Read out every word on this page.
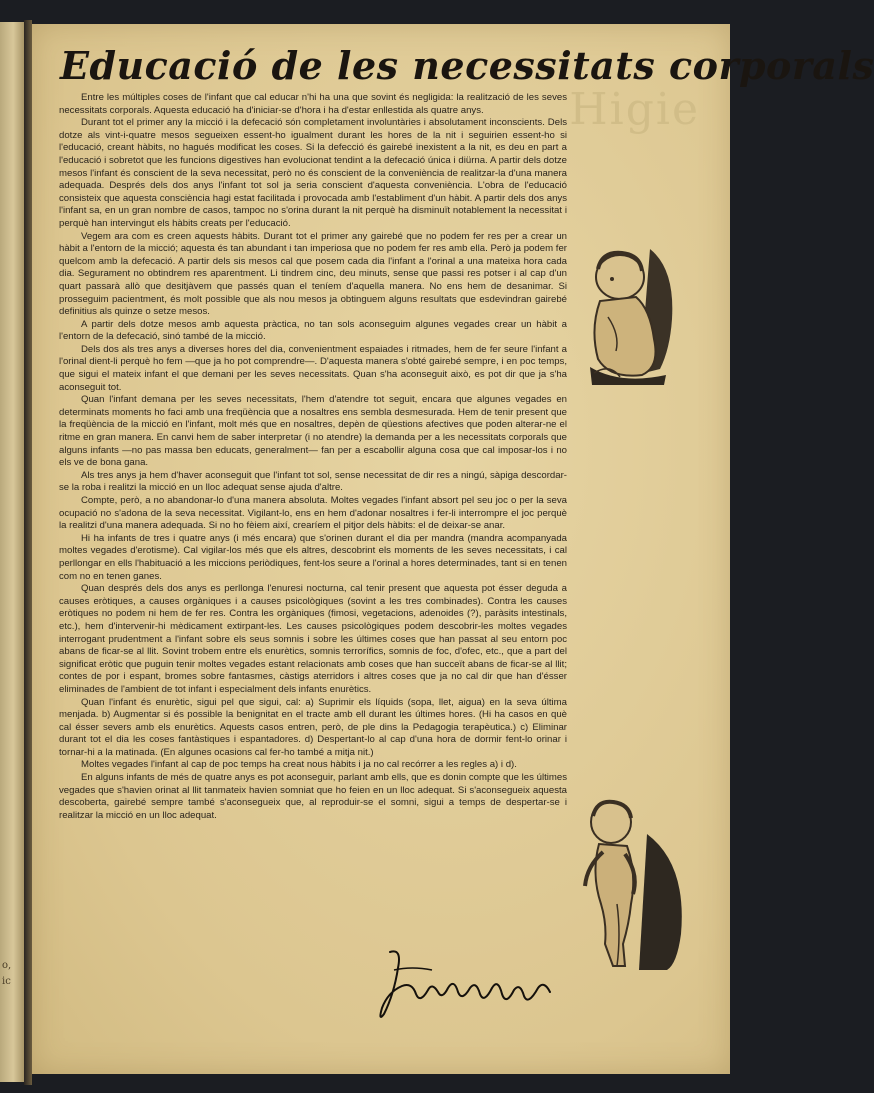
o,
ic
Higie
Educació de les necessitats corporals

Entre les múltiples coses de l'infant que cal educar n'hi ha una que sovint és negligida: la realització de les seves necessitats corporals. Aquesta educació ha d'iniciar-se d'hora i ha d'estar enllestida als quatre anys.

Durant tot el primer any la micció i la defecació són completament involuntàries i absolutament inconscients. Dels dotze als vint-i-quatre mesos segueixen essent-ho igualment durant les hores de la nit i seguirien essent-ho si l'educació, creant hàbits, no hagués modificat les coses. Si la defecció és gairebé inexistent a la nit, es deu en part a l'educació i sobretot que les funcions digestives han evolucionat tendint a la defecació única i diürna. A partir dels dotze mesos l'infant és conscient de la seva necessitat, però no és conscient de la conveniència de realitzar-la d'una manera adequada. Després dels dos anys l'infant tot sol ja seria conscient d'aquesta conveniència. L'obra de l'educació consisteix que aquesta consciència hagi estat facilitada i provocada amb l'establiment d'un hàbit. A partir dels dos anys l'infant sa, en un gran nombre de casos, tampoc no s'orina durant la nit perquè ha disminuït notablement la necessitat i perquè han intervingut els hàbits creats per l'educació.

Vegem ara com es creen aquests hàbits. Durant tot el primer any gairebé que no podem fer res per a crear un hàbit a l'entorn de la micció; aquesta és tan abundant i tan imperiosa que no podem fer res amb ella. Però ja podem fer quelcom amb la defecació. A partir dels sis mesos cal que posem cada dia l'infant a l'orinal a una mateixa hora cada dia. Segurament no obtindrem res aparentment. Li tindrem cinc, deu minuts, sense que passi res potser i al cap d'un quart passarà allò que desitjàvem que passés quan el teníem d'aquella manera. No ens hem de desanimar. Si prosseguim pacientment, és molt possible que als nou mesos ja obtinguem alguns resultats que esdevindran gairebé definitius als quinze o setze mesos.

A partir dels dotze mesos amb aquesta pràctica, no tan sols aconseguim algunes vegades crear un hàbit a l'entorn de la defecació, sinó també de la micció.

Dels dos als tres anys a diverses hores del dia, convenientment espaiades i ritmades, hem de fer seure l'infant a l'orinal dient-li perquè ho fem —que ja ho pot comprendre—. D'aquesta manera s'obté gairebé sempre, i en poc temps, que sigui el mateix infant el que demani per les seves necessitats. Quan s'ha aconseguit això, es pot dir que ja s'ha aconseguit tot.

Quan l'infant demana per les seves necessitats, l'hem d'atendre tot seguit, encara que algunes vegades en determinats moments ho faci amb una freqüència que a nosaltres ens sembla desmesurada. Hem de tenir present que la freqüència de la micció en l'infant, molt més que en nosaltres, depèn de qüestions afectives que poden alterar-ne el ritme en gran manera. En canvi hem de saber interpretar (i no atendre) la demanda per a les necessitats corporals que alguns infants —no pas massa ben educats, generalment— fan per a escabollir alguna cosa que cal imposar-los i no els ve de bona gana.

Als tres anys ja hem d'haver aconseguit que l'infant tot sol, sense necessitat de dir res a ningú, sàpiga descordar-se la roba i realitzi la micció en un lloc adequat sense ajuda d'altre.

Compte, però, a no abandonar-lo d'una manera absoluta. Moltes vegades l'infant absort pel seu joc o per la seva ocupació no s'adona de la seva necessitat. Vigilant-lo, ens en hem d'adonar nosaltres i fer-li interrompre el joc perquè la realitzi d'una manera adequada. Si no ho fèiem així, crearíem el pitjor dels hàbits: el de deixar-se anar.

Hi ha infants de tres i quatre anys (i més encara) que s'orinen durant el dia per mandra (mandra acompanyada moltes vegades d'erotisme). Cal vigilar-los més que els altres, descobrint els moments de les seves necessitats, i cal perllongar en ells l'habituació a les miccions periòdiques, fent-los seure a l'orinal a hores determinades, tant si en tenen com no en tenen ganes.

Quan després dels dos anys es perllonga l'enuresi nocturna, cal tenir present que aquesta pot ésser deguda a causes eròtiques, a causes orgàniques i a causes psicològiques (sovint a les tres combinades). Contra les causes eròtiques no podem ni hem de fer res. Contra les orgàniques (fimosi, vegetacions, adenoides (?), paràsits intestinals, etc.), hem d'intervenir-hi mèdicament extirpant-les. Les causes psicològiques podem descobrir-les moltes vegades interrogant prudentment a l'infant sobre els seus somnis i sobre les últimes coses que han passat al seu entorn poc abans de ficar-se al llit. Sovint trobem entre els enurètics, somnis terrorífics, somnis de foc, d'ofec, etc., que a part del significat eròtic que puguin tenir moltes vegades estant relacionats amb coses que han succeït abans de ficar-se al llit; contes de por i espant, bromes sobre fantasmes, càstigs aterridors i altres coses que ja no cal dir que han d'ésser eliminades de l'ambient de tot infant i especialment dels infants enurètics.

Quan l'infant és enurètic, sigui pel que sigui, cal: a) Suprimir els líquids (sopa, llet, aigua) en la seva última menjada. b) Augmentar si és possible la benignitat en el tracte amb ell durant les últimes hores. (Hi ha casos en què cal ésser severs amb els enurètics. Aquests casos entren, però, de ple dins la Pedagogia terapèutica.) c) Eliminar durant tot el dia les coses fantàstiques i espantadores. d) Despertant-lo al cap d'una hora de dormir fent-lo orinar i tornar-hi a la matinada. (En algunes ocasions cal fer-ho també a mitja nit.)

Moltes vegades l'infant al cap de poc temps ha creat nous hàbits i ja no cal recórrer a les regles a) i d).

En alguns infants de més de quatre anys es pot aconseguir, parlant amb ells, que es donin compte que les últimes vegades que s'havien orinat al llit tanmateix havien somniat que ho feien en un lloc adequat. Si s'aconsegueix aquesta descoberta, gairebé sempre també s'aconsegueix que, al reproduir-se el somni, sigui a temps de despertar-se i realitzar la micció en un lloc adequat.
